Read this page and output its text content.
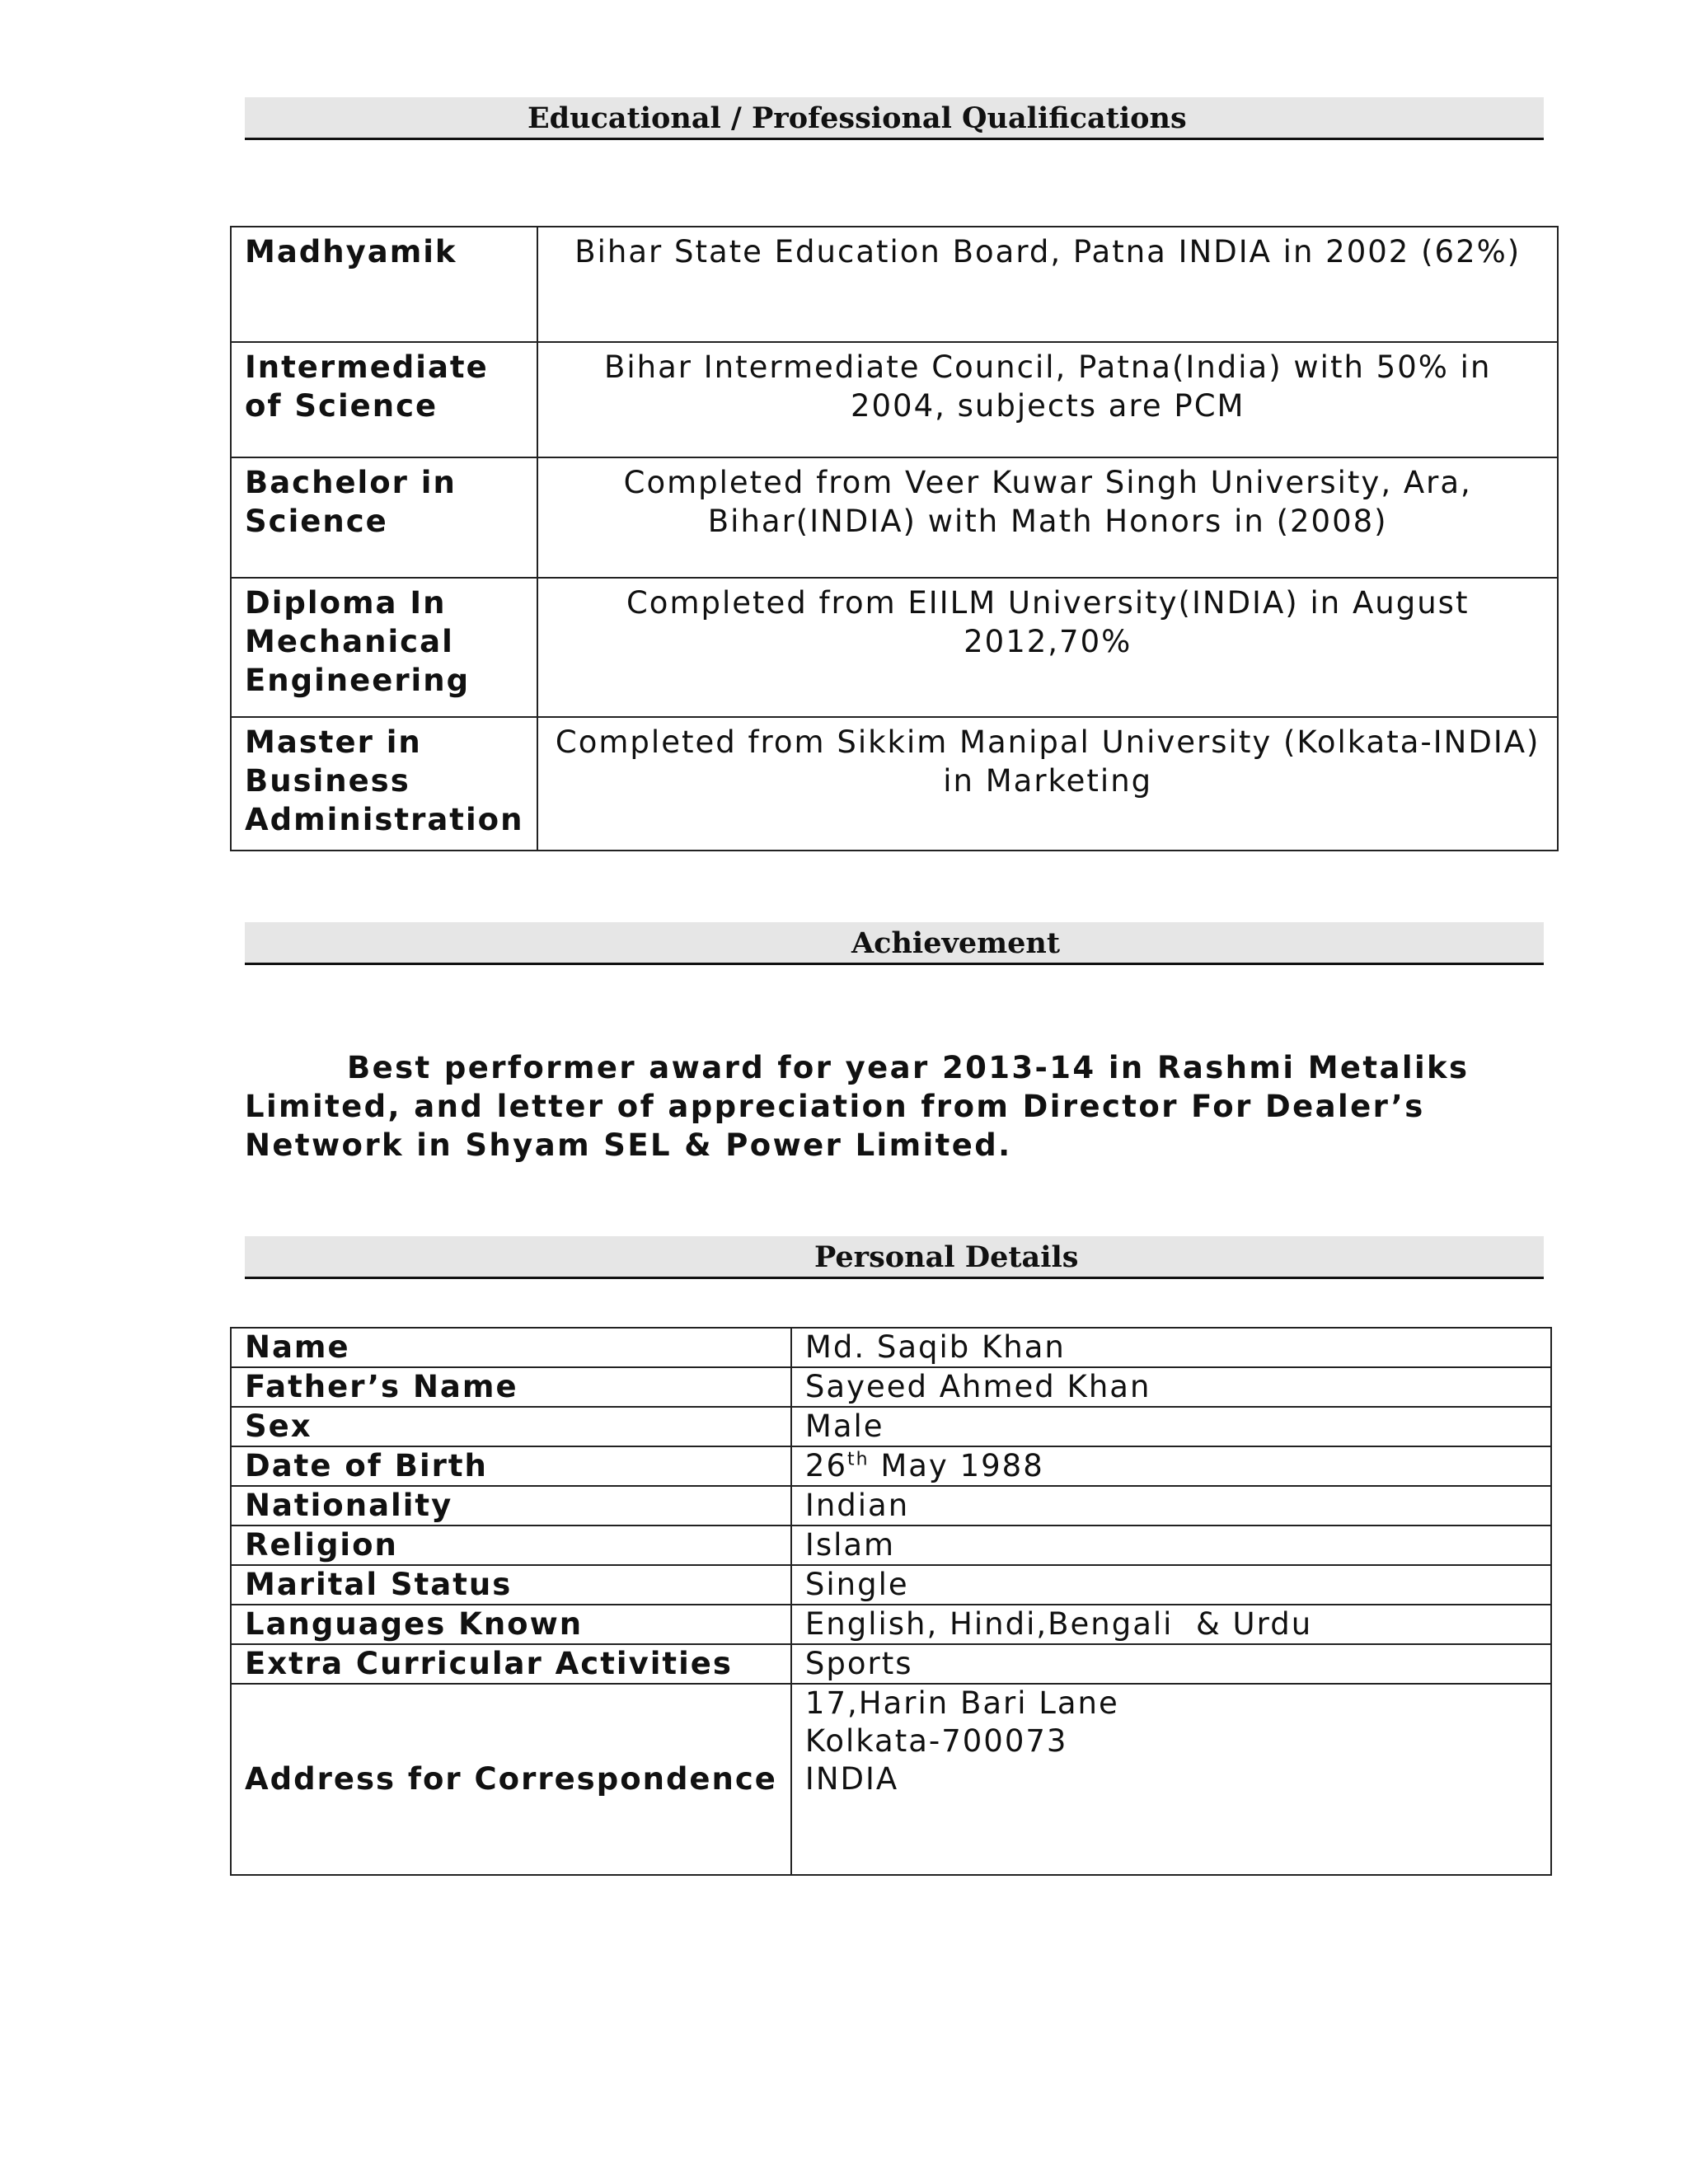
Educational / Professional Qualifications
Madhyamik	Bihar State Education Board, Patna INDIA in 2002 (62%)
Intermediate of Science	Bihar Intermediate Council, Patna(India) with 50% in 2004, subjects are PCM
Bachelor in Science	Completed from Veer Kuwar Singh University, Ara, Bihar(INDIA) with Math Honors in (2008)
Diploma In Mechanical Engineering	Completed from EIILM University(INDIA) in August 2012,70%
Master in Business Administration	Completed from Sikkim Manipal University (Kolkata-INDIA) in Marketing
Achievement

Best performer award for year 2013-14 in Rashmi Metaliks Limited, and letter of appreciation from Director For Dealer’s Network in Shyam SEL & Power Limited.

Personal Details
Name	Md. Saqib Khan
Father’s Name	Sayeed Ahmed Khan
Sex	Male
Date of Birth	26th May 1988
Nationality	Indian
Religion	Islam
Marital Status	Single
Languages Known	English, Hindi,Bengali  & Urdu
Extra Curricular Activities	Sports
Address for Correspondence	17,Harin Bari Lane
Kolkata-700073
INDIA
